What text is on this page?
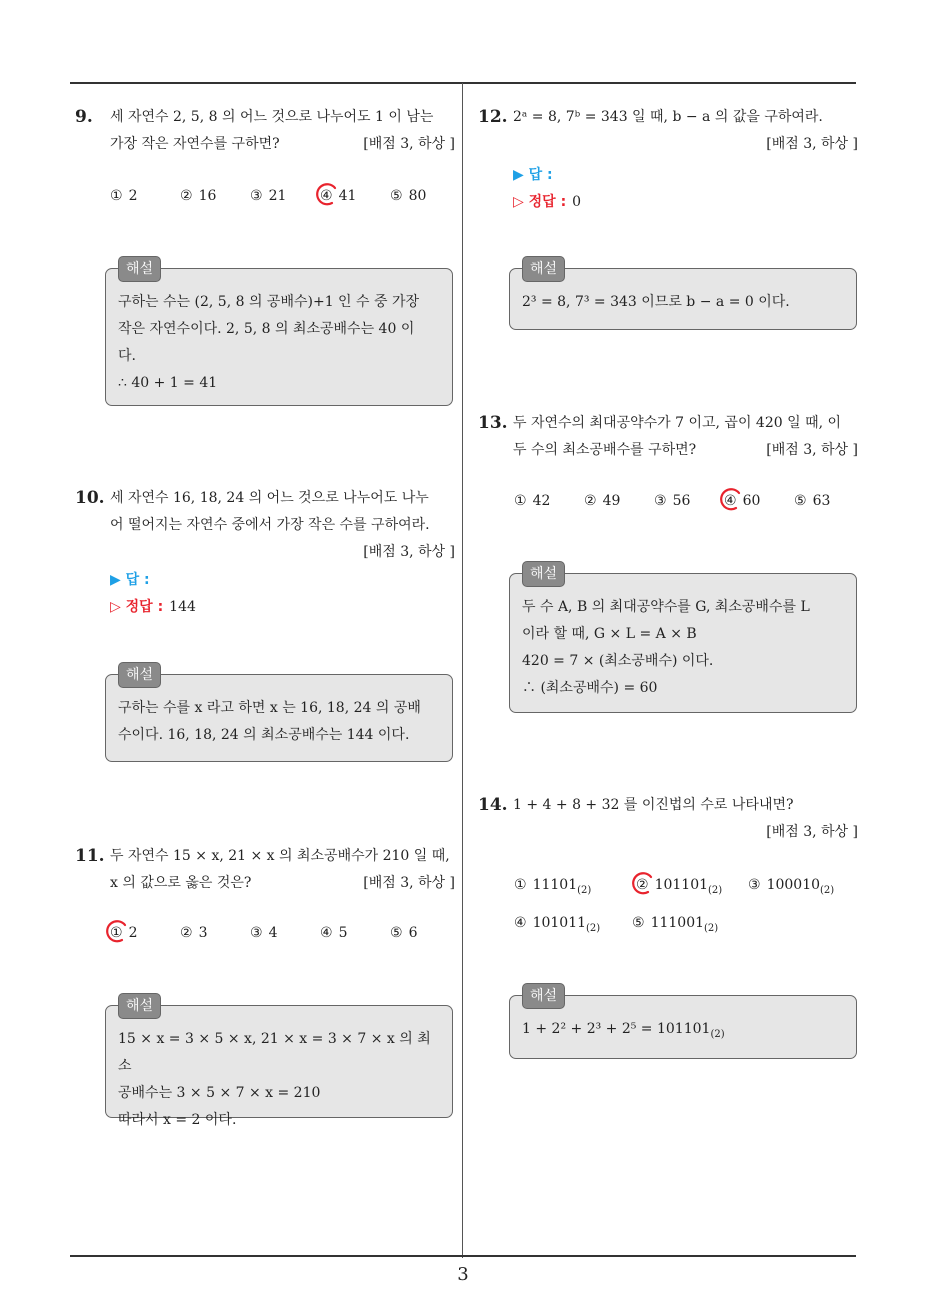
3
9. 세 자연수 2, 5, 8 의 어느 것으로 나누어도 1 이 남는
가장 작은 자연수를 구하면?	[배점 3, 하상 ]
① 2	② 16 ③ 21 ④ 41 ⑤ 80
해설
구하는 수는 (2, 5, 8 의 공배수)+1 인 수 중 가장
작은 자연수이다. 2, 5, 8 의 최소공배수는 40 이
다.
∴ 40 + 1 = 41
10. 세 자연수 16, 18, 24 의 어느 것으로 나누어도 나누
어 떨어지는 자연수 중에서 가장 작은 수를 구하여라.
[배점 3, 하상 ]
▶ 답 :
▷ 정답 : 144
해설
구하는 수를 x 라고 하면 x 는 16, 18, 24 의 공배
수이다. 16, 18, 24 의 최소공배수는 144 이다.
11. 두 자연수 15 × x, 21 × x 의 최소공배수가 210 일 때,
x 의 값으로 옳은 것은?	[배점 3, 하상 ]
① 2	② 3	③ 4	④ 5	⑤ 6
해설
15 × x = 3 × 5 × x, 21 × x = 3 × 7 × x 의 최소
공배수는 3 × 5 × 7 × x = 210
따라서 x = 2 이다.
12. 2ᵃ = 8, 7ᵇ = 343 일 때, b − a 의 값을 구하여라.
[배점 3, 하상 ]
▶ 답 :
▷ 정답 : 0
해설
2³ = 8, 7³ = 343 이므로 b − a = 0 이다.
13. 두 자연수의 최대공약수가 7 이고, 곱이 420 일 때, 이
두 수의 최소공배수를 구하면?	[배점 3, 하상 ]
① 42 ② 49 ③ 56 ④ 60 ⑤ 63
해설
두 수 A, B 의 최대공약수를 G, 최소공배수를 L
이라 할 때, G × L = A × B
420 = 7 × (최소공배수) 이다.
∴ (최소공배수) = 60
14. 1 + 4 + 8 + 32 를 이진법의 수로 나타내면?
[배점 3, 하상 ]
① $11101_{(2)}$	② $101101_{(2)}$ ③ $100010_{(2)}$
④ $101011_{(2)}$ ⑤ $111001_{(2)}$
해설
$1 + 2^2 + 2^3 + 2^5 = 101101_{(2)}$
